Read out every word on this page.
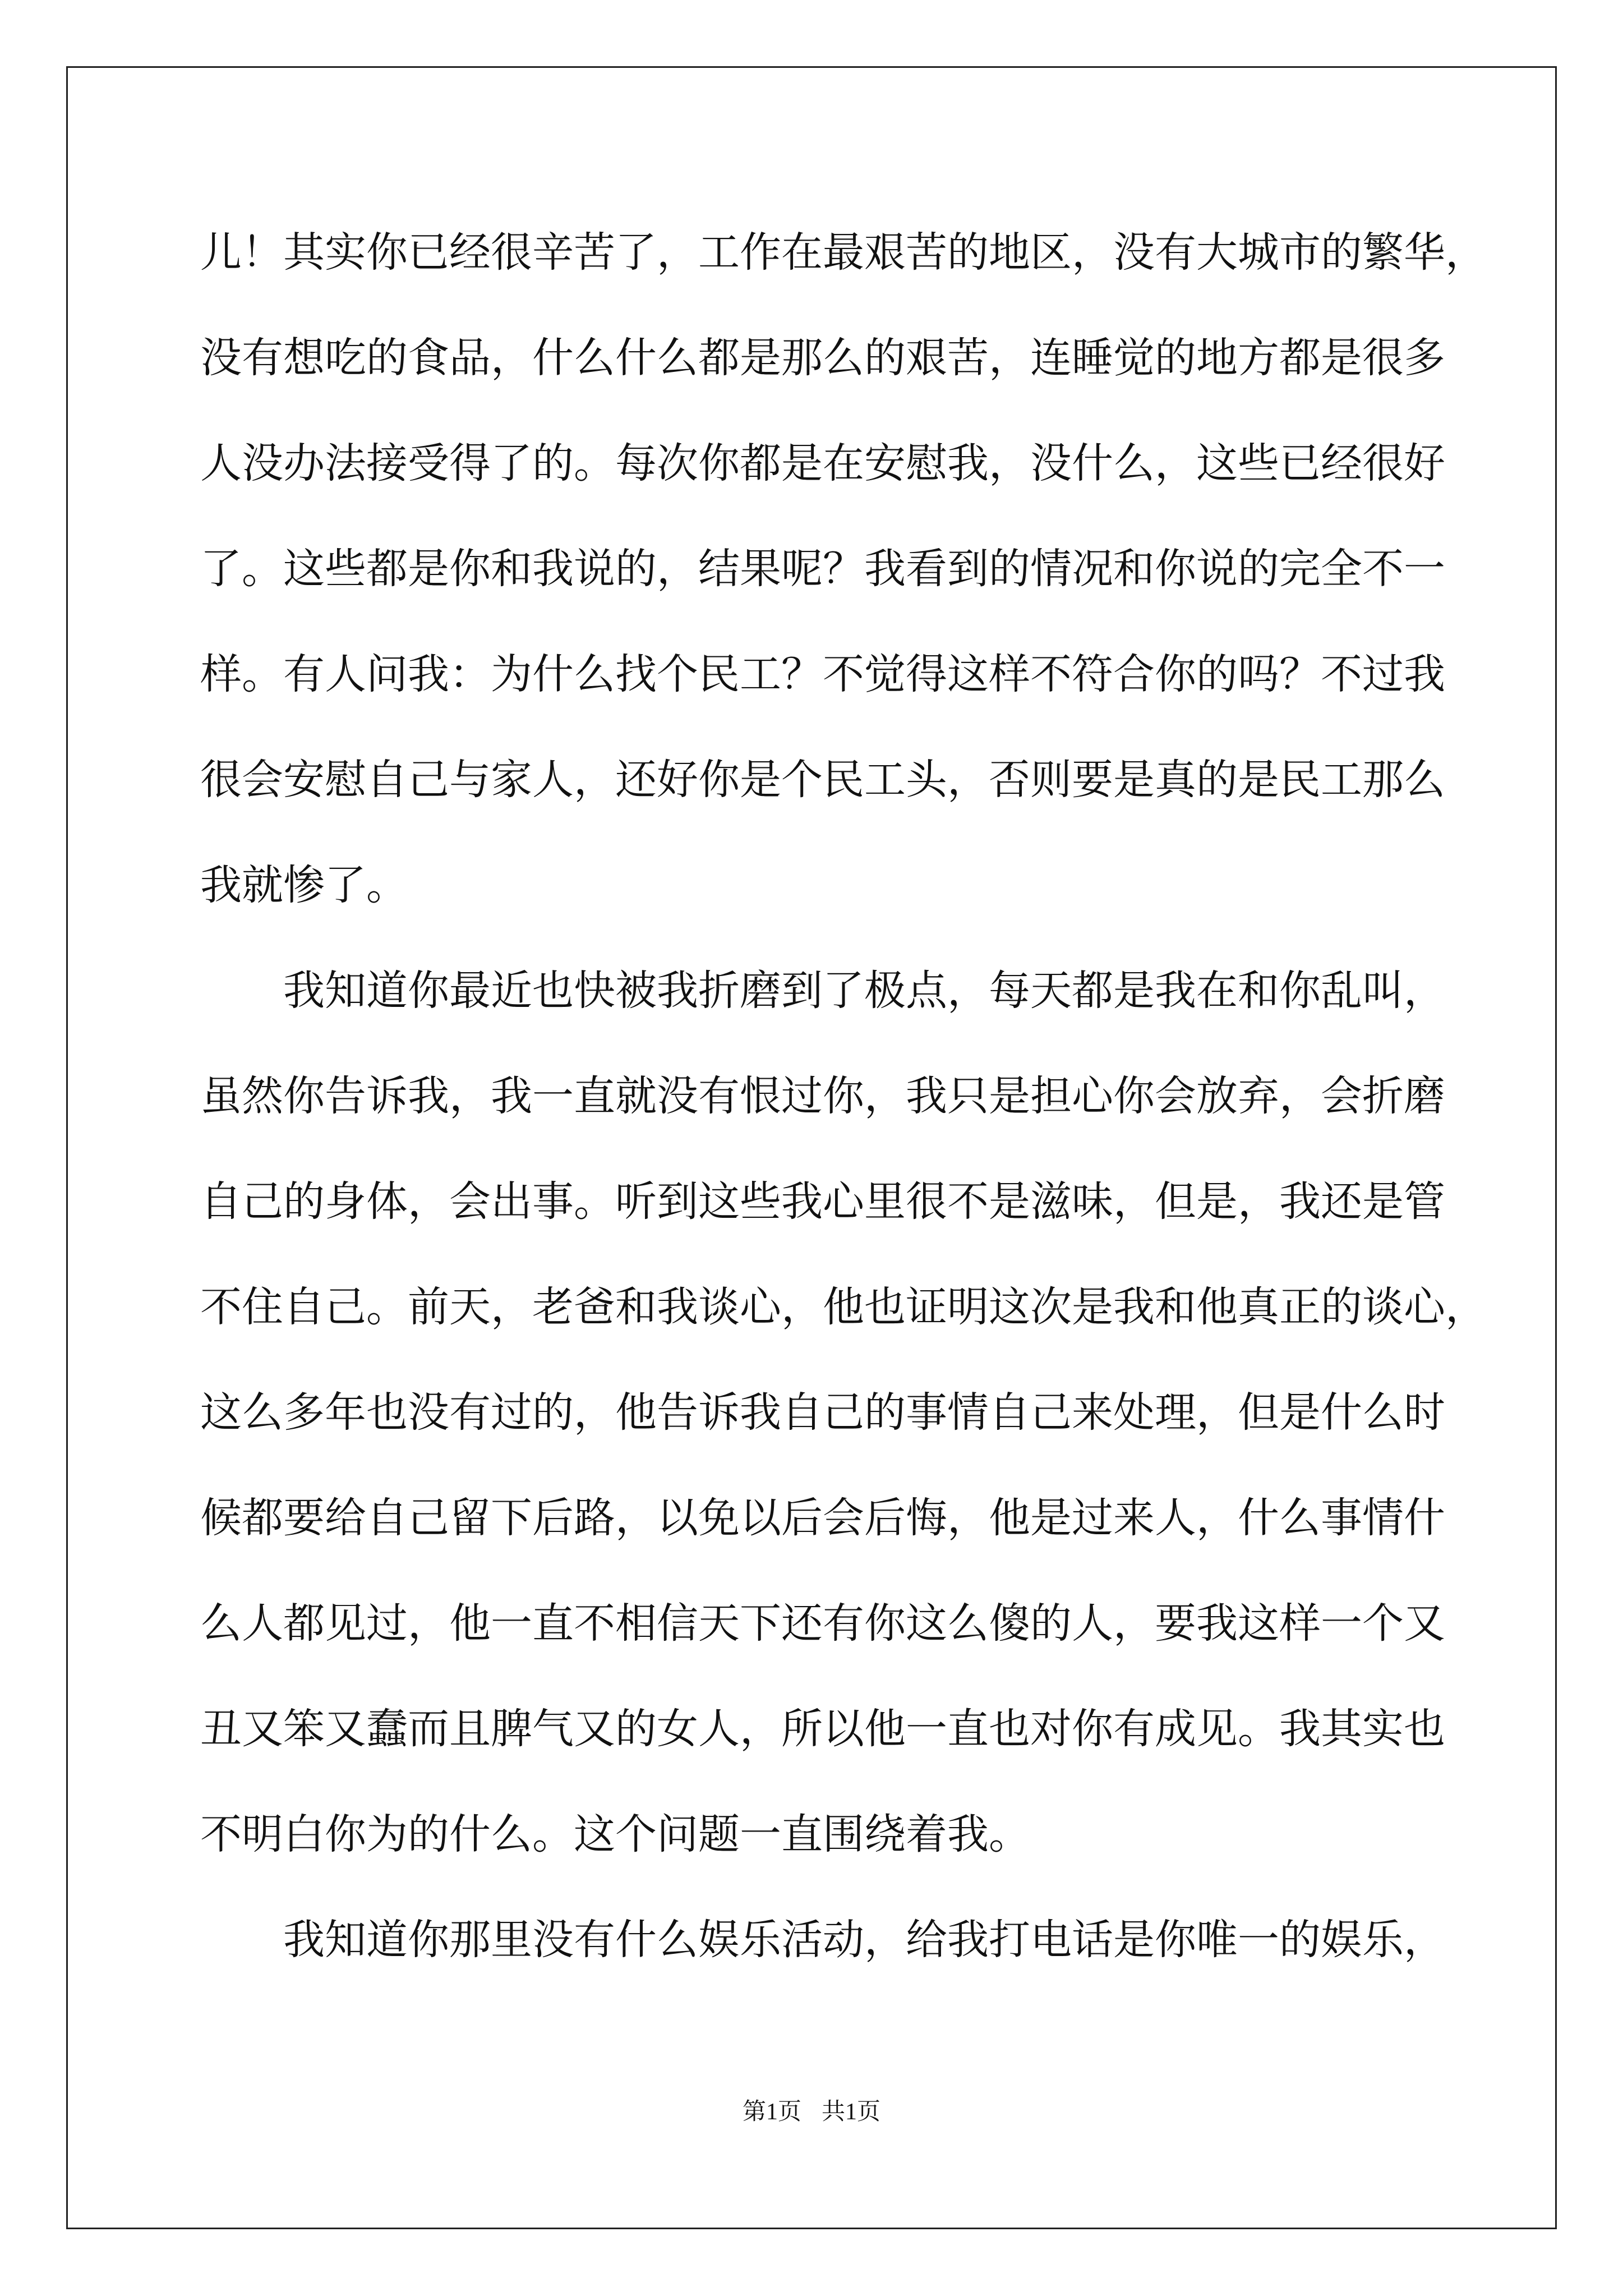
儿！其实你已经很辛苦了，工作在最艰苦的地区，没有大城市的繁华，
没有想吃的食品，什么什么都是那么的艰苦，连睡觉的地方都是很多
人没办法接受得了的。每次你都是在安慰我，没什么，这些已经很好
了。这些都是你和我说的，结果呢？我看到的情况和你说的完全不一
样。有人问我：为什么找个民工？不觉得这样不符合你的吗？不过我
很会安慰自己与家人，还好你是个民工头，否则要是真的是民工那么
我就惨了。
我知道你最近也快被我折磨到了极点，每天都是我在和你乱叫，
虽然你告诉我，我一直就没有恨过你，我只是担心你会放弃，会折磨
自己的身体，会出事。听到这些我心里很不是滋味，但是，我还是管
不住自己。前天，老爸和我谈心，他也证明这次是我和他真正的谈心，
这么多年也没有过的，他告诉我自己的事情自己来处理，但是什么时
候都要给自己留下后路，以免以后会后悔，他是过来人，什么事情什
么人都见过，他一直不相信天下还有你这么傻的人，要我这样一个又
丑又笨又蠢而且脾气又的女人，所以他一直也对你有成见。我其实也
不明白你为的什么。这个问题一直围绕着我。
我知道你那里没有什么娱乐活动，给我打电话是你唯一的娱乐，
第1页 共1页
